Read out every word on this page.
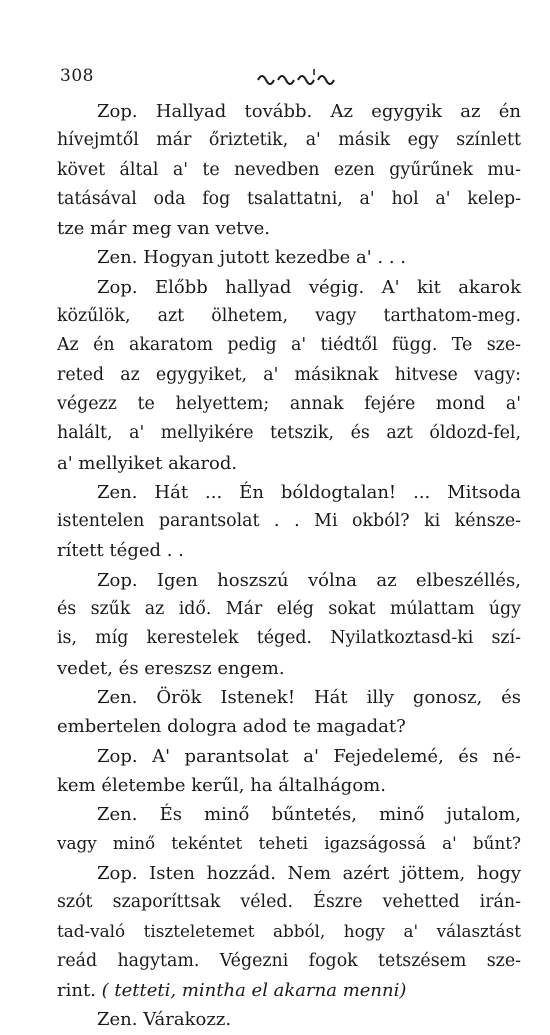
308
Zop. Hallyad tovább. Az egygyik az én
hívejmtől már őriztetik, a' másik egy színlett
követ által a' te nevedben ezen gyűrűnek mu-
tatásával oda fog tsalattatni, a' hol a' kelep-
tze már meg van vetve.
Zen. Hogyan jutott kezedbe a' . . .
Zop. Előbb hallyad végig. A' kit akarok
közűlök, azt ölhetem, vagy tarthatom-meg.
Az én akaratom pedig a' tiédtől függ. Te sze-
reted az egygyiket, a' másiknak hitvese vagy:
végezz te helyettem; annak fejére mond a'
halált, a' mellyikére tetszik, és azt óldozd-fel,
a' mellyiket akarod.
Zen. Hát ... Én bóldogtalan! ... Mitsoda
istentelen parantsolat . . Mi okból? ki kénsze-
rített téged . .
Zop. Igen hoszszú vólna az elbeszéllés,
és szűk az idő. Már elég sokat múlattam úgy
is, míg kerestelek téged. Nyilatkoztasd-ki szí-
vedet, és ereszsz engem.
Zen. Örök Istenek! Hát illy gonosz, és
embertelen dologra adod te magadat?
Zop. A' parantsolat a' Fejedelemé, és né-
kem életembe kerűl, ha általhágom.
Zen. És minő bűntetés, minő jutalom,
vagy minő tekéntet teheti igazságossá a' bűnt?
Zop. Isten hozzád. Nem azért jöttem, hogy
szót szaporíttsak véled. Észre vehetted irán-
tad-való tiszteletemet abból, hogy a' választást
reád hagytam. Végezni fogok tetszésem sze-
rint. ( tetteti, mintha el akarna menni)
Zen. Várakozz.
